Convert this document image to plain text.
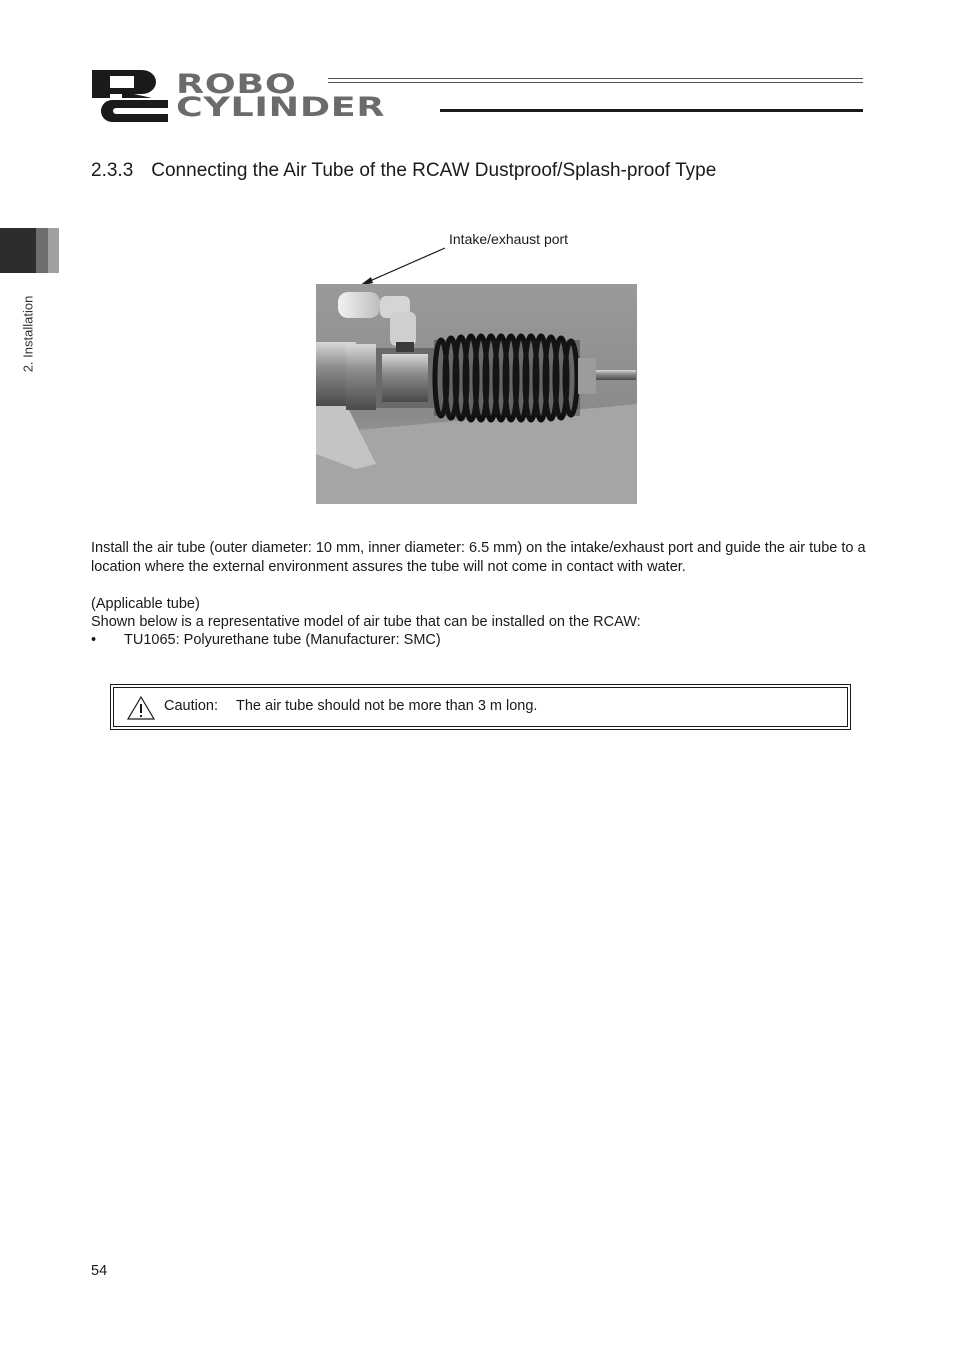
ROBO
CYLINDER
2. Installation
2.3.3 Connecting the Air Tube of the RCAW Dustproof/Splash-proof Type
Intake/exhaust port
Install the air tube (outer diameter: 10 mm, inner diameter: 6.5 mm) on the intake/exhaust port and guide the air tube to a location where the external environment assures the tube will not come in contact with water.
(Applicable tube)
Shown below is a representative model of air tube that can be installed on the RCAW:
• TU1065: Polyurethane tube (Manufacturer: SMC)
Caution: The air tube should not be more than 3 m long.
54
